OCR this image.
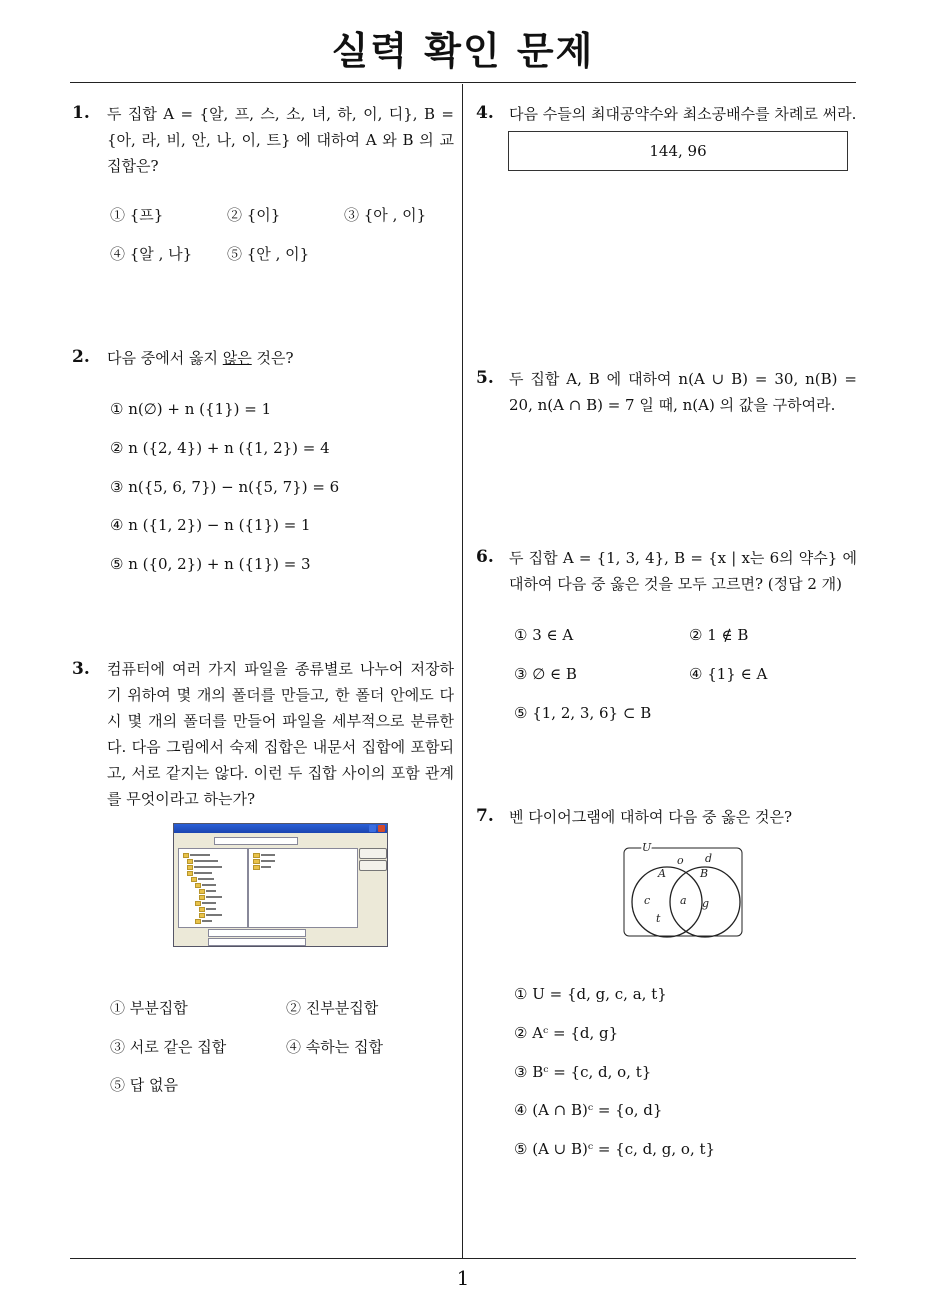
실력 확인 문제
1
1. 두 집합 A = {알, 프, 스, 소, 녀, 하, 이, 디}, B = {아, 라, 비, 안, 나, 이, 트} 에 대하여 A 와 B 의 교집합은?
① {프}	② {이}	③ {아 , 이}
④ {알 , 나} ⑤ {안 , 이}
2. 다음 중에서 옳지 않은 것은?
① n(∅) + n ({1}) = 1
② n ({2, 4}) + n ({1, 2}) = 4
③ n({5, 6, 7}) − n({5, 7}) = 6
④ n ({1, 2}) − n ({1}) = 1
⑤ n ({0, 2}) + n ({1}) = 3
3. 컴퓨터에 여러 가지 파일을 종류별로 나누어 저장하기 위하여 몇 개의 폴더를 만들고, 한 폴더 안에도 다시 몇 개의 폴더를 만들어 파일을 세부적으로 분류한다. 다음 그림에서 숙제 집합은 내문서 집합에 포함되고, 서로 같지는 않다. 이런 두 집합 사이의 포함 관계를 무엇이라고 하는가?
① 부분집합	② 진부분집합
③ 서로 같은 집합	④ 속하는 집합
⑤ 답 없음
4. 다음 수들의 최대공약수와 최소공배수를 차례로 써라.
144, 96
5. 두 집합 A, B 에 대하여 n(A ∪ B) = 30, n(B) = 20, n(A ∩ B) = 7 일 때, n(A) 의 값을 구하여라.
6. 두 집합 A = {1, 3, 4}, B = {x | x는 6의 약수} 에 대하여 다음 중 옳은 것을 모두 고르면? (정답 2 개)
① 3 ∈ A	② 1 ∉ B
③ ∅ ∈ B	④ {1} ∈ A
⑤ {1, 2, 3, 6} ⊂ B
7. 벤 다이어그램에 대하여 다음 중 옳은 것은?
U
A	B
o d
c
t
a g
① U = {d, g, c, a, t}
② Aᶜ = {d, g}
③ Bᶜ = {c, d, o, t}
④ (A ∩ B)ᶜ = {o, d}
⑤ (A ∪ B)ᶜ = {c, d, g, o, t}
